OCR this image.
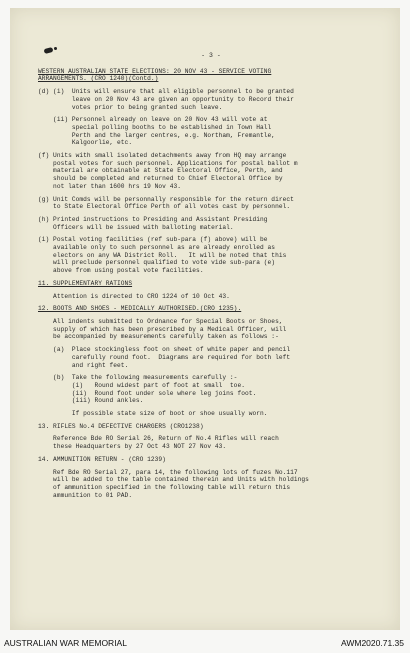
- 3 -
WESTERN AUSTRALIAN STATE ELECTIONS: 20 NOV 43 - SERVICE VOTING
ARRANGEMENTS. (CRO 1240)(Contd.)
(d) (i)  Units will ensure that all eligible personnel to be granted
leave on 20 Nov 43 are given an opportunity to Record their
votes prior to being granted such leave.
(ii) Personnel already on leave on 20 Nov 43 will vote at
special polling booths to be established in Town Hall
Perth and the larger centres, e.g. Northam, Fremantle,
Kalgoorlie, etc.
(f) Units with small isolated detachments away from HQ may arrange
postal votes for such personnel. Applications for postal ballot m
material are obtainable at State Electoral Office, Perth, and
should be completed and returned to Chief Electoral Office by
not later than 1600 hrs 19 Nov 43.
(g) Unit Comds will be personnally responsible for the return direct
to State Electoral Office Perth of all votes cast by personnel.
(h) Printed instructions to Presiding and Assistant Presiding
Officers will be issued with balloting material.
(i) Postal voting facilities (ref sub-para (f) above) will be
available only to such personnel as are already enrolled as
electors on any WA District Roll.   It will be noted that this
will preclude personnel qualified to vote vide sub-para (e)
above from using postal vote facilities.
11. SUPPLEMENTARY RATIONS
Attention is directed to CRO 1224 of 10 Oct 43.
12. BOOTS AND SHOES - MEDICALLY AUTHORISED.(CRO 1235).
All indents submitted to Ordnance for Special Boots or Shoes,
supply of which has been prescribed by a Medical Officer, will
be accompanied by measurements carefully taken as follows :-
(a)  Place stockingless foot on sheet of white paper and pencil
carefully round foot.  Diagrams are required for both left
and right feet.
(b)  Take the following measurements carefully :-
(i)   Round widest part of foot at small  toe.
(ii)  Round foot under sole where leg joins foot.
(iii) Round ankles.
If possible state size of boot or shoe usually worn.
13. RIFLES No.4 DEFECTIVE CHARGERS (CRO1238)
Reference Bde RO Serial 26, Return of No.4 Rifles will reach
these Headquarters by 27 Oct 43 NOT 27 Nov 43.
14. AMMUNITION RETURN - (CRO 1239)
Ref Bde RO Serial 27, para 14, the following lots of fuzes No.117
will be added to the table contained therein and Units with holdings
of ammunition specified in the following table will return this
ammunition to 01 PAD.
AUSTRALIAN WAR MEMORIAL	AWM2020.71.35
